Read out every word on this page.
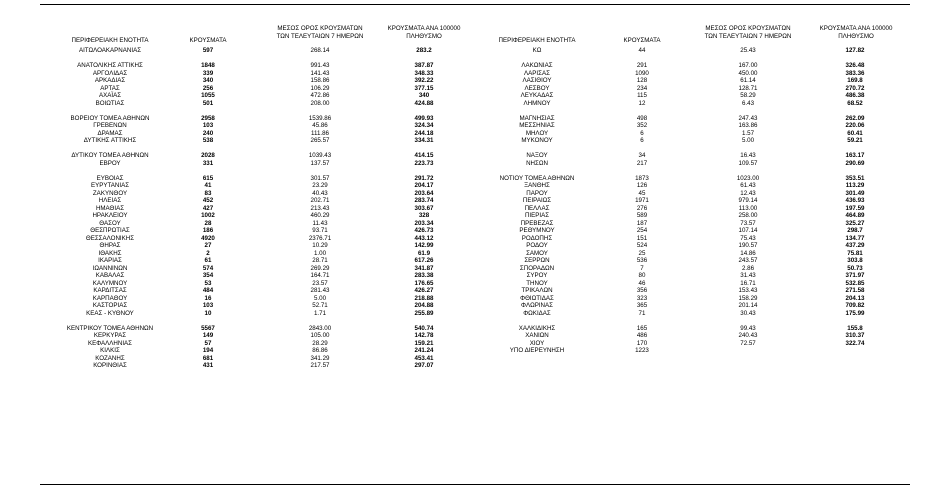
ΠΕΡΙΦΕΡΕΙΑΚΗ ΕΝΟΤΗΤΑ	ΚΡΟΥΣΜΑΤΑ
ΜΕΣΟΣ ΟΡΟΣ ΚΡΟΥΣΜΑΤΩΝ
ΤΩΝ ΤΕΛΕΥΤΑΙΩΝ 7 ΗΜΕΡΩΝ
ΚΡΟΥΣΜΑΤΑ ΑΝΑ 100000
ΠΛΗΘΥΣΜΟ
ΠΕΡΙΦΕΡΕΙΑΚΗ ΕΝΟΤΗΤΑ	ΚΡΟΥΣΜΑΤΑ
ΜΕΣΟΣ ΟΡΟΣ ΚΡΟΥΣΜΑΤΩΝ
ΤΩΝ ΤΕΛΕΥΤΑΙΩΝ 7 ΗΜΕΡΩΝ
ΚΡΟΥΣΜΑΤΑ ΑΝΑ 100000
ΠΛΗΘΥΣΜΟ
ΑΙΤΩΛΟΑΚΑΡΝΑΝΙΑΣ	597	268.14	283.2	ΚΩ	44	25.43	127.82
ΑΝΑΤΟΛΙΚΗΣ ΑΤΤΙΚΗΣ	1848	991.43	387.87	ΛΑΚΩΝΙΑΣ	291	167.00	326.48
ΑΡΓΟΛΙΔΑΣ	339	141.43	348.33	ΛΑΡΙΣΑΣ	1090	450.00	383.36
ΑΡΚΑΔΙΑΣ	340	158.86	392.22	ΛΑΣΙΘΙΟΥ	128	61.14	169.8
ΑΡΤΑΣ	256	106.29	377.15	ΛΕΣΒΟΥ	234	128.71	270.72
ΑΧΑΪΑΣ	1055	472.86	340	ΛΕΥΚΑΔΑΣ	115	58.29	486.38
ΒΟΙΩΤΙΑΣ	501	208.00	424.88	ΛΗΜΝΟΥ	12	6.43	68.52
ΒΟΡΕΙΟΥ ΤΟΜΕΑ ΑΘΗΝΩΝ	2958	1539.86	499.93	ΜΑΓΝΗΣΙΑΣ	498	247.43	262.09
ΓΡΕΒΕΝΩΝ	103	45.86	324.34	ΜΕΣΣΗΝΙΑΣ	352	163.86	220.06
ΔΡΑΜΑΣ	240	111.86	244.18	ΜΗΛΟΥ	6	1.57	60.41
ΔΥΤΙΚΗΣ ΑΤΤΙΚΗΣ	538	265.57	334.31	ΜΥΚΟΝΟΥ	6	5.00	59.21
ΔΥΤΙΚΟΥ ΤΟΜΕΑ ΑΘΗΝΩΝ	2028	1039.43	414.15	ΝΑΞΟΥ	34	16.43	163.17
ΕΒΡΟΥ	331	137.57	223.73	ΝΗΣΩΝ	217	109.57	290.69
ΕΥΒΟΙΑΣ	615	301.57	291.72	ΝΟΤΙΟΥ ΤΟΜΕΑ ΑΘΗΝΩΝ	1873	1023.00	353.51
ΕΥΡΥΤΑΝΙΑΣ	41	23.29	204.17	ΞΑΝΘΗΣ	126	61.43	113.29
ΖΑΚΥΝΘΟΥ	83	40.43	203.64	ΠΑΡΟΥ	45	12.43	301.49
ΗΛΕΙΑΣ	452	202.71	283.74	ΠΕΙΡΑΙΩΣ	1971	979.14	436.93
ΗΜΑΘΙΑΣ	427	213.43	303.67	ΠΕΛΛΑΣ	276	113.00	197.59
ΗΡΑΚΛΕΙΟΥ	1002	460.29	328	ΠΙΕΡΙΑΣ	589	258.00	464.89
ΘΑΣΟΥ	28	11.43	203.34	ΠΡΕΒΕΖΑΣ	187	73.57	325.27
ΘΕΣΠΡΩΤΙΑΣ	186	93.71	426.73	ΡΕΘΥΜΝΟΥ	254	107.14	298.7
ΘΕΣΣΑΛΟΝΙΚΗΣ	4920	2376.71	443.12	ΡΟΔΟΠΗΣ	151	75.43	134.77
ΘΗΡΑΣ	27	10.29	142.99	ΡΟΔΟΥ	524	190.57	437.29
ΙΘΑΚΗΣ	2	1.00	61.9	ΣΑΜΟΥ	25	14.86	75.81
ΙΚΑΡΙΑΣ	61	28.71	617.26	ΣΕΡΡΩΝ	536	243.57	303.8
ΙΩΑΝΝΙΝΩΝ	574	269.29	341.87	ΣΠΟΡΑΔΩΝ	7	2.86	50.73
ΚΑΒΑΛΑΣ	354	164.71	283.38	ΣΥΡΟΥ	80	31.43	371.97
ΚΑΛΥΜΝΟΥ	53	23.57	176.65	ΤΗΝΟΥ	46	16.71	532.85
ΚΑΡΔΙΤΣΑΣ	484	281.43	426.27	ΤΡΙΚΑΛΩΝ	356	153.43	271.58
ΚΑΡΠΑΘΟΥ	16	5.00	218.88	ΦΘΙΩΤΙΔΑΣ	323	158.29	204.13
ΚΑΣΤΟΡΙΑΣ	103	52.71	204.88	ΦΛΩΡΙΝΑΣ	365	201.14	709.82
ΚΕΑΣ - ΚΥΘΝΟΥ	10	1.71	255.89	ΦΩΚΙΔΑΣ	71	30.43	175.99
ΚΕΝΤΡΙΚΟΥ ΤΟΜΕΑ ΑΘΗΝΩΝ	5567	2843.00	540.74	ΧΑΛΚΙΔΙΚΗΣ	165	99.43	155.8
ΚΕΡΚΥΡΑΣ	149	105.00	142.78	ΧΑΝΙΩΝ	486	240.43	310.37
ΚΕΦΑΛΛΗΝΙΑΣ	57	28.29	159.21	ΧΙΟΥ	170	72.57	322.74
ΚΙΛΚΙΣ	194	86.86	241.24	ΥΠΟ ΔΙΕΡΕΥΝΗΣΗ	1223
ΚΟΖΑΝΗΣ	681	341.29	453.41
ΚΟΡΙΝΘΙΑΣ	431	217.57	297.07
